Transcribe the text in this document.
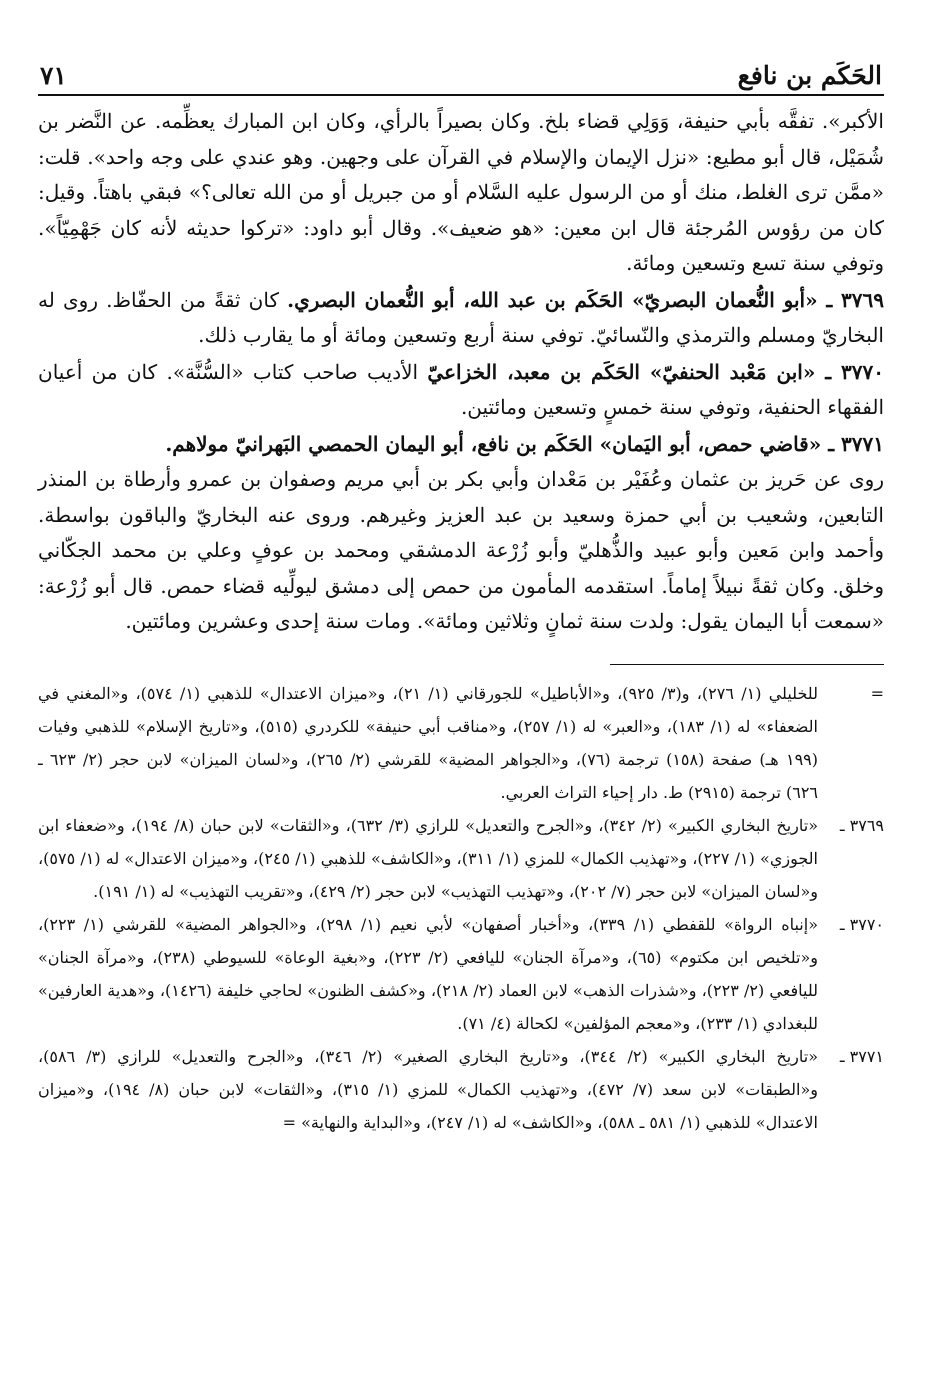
الحَكَم بن نافع
٧١

الأكبر». تفقَّه بأبي حنيفة، وَوَلِي قضاء بلخ. وكان بصيراً بالرأي، وكان ابن المبارك يعظِّمه. عن النَّضر بن شُمَيْل، قال أبو مطيع: «نزل الإيمان والإسلام في القرآن على وجهين. وهو عندي على وجه واحد». قلت: «ممَّن ترى الغلط، منك أو من الرسول عليه السَّلام أو من جبريل أو من الله تعالى؟» فبقي باهتاً. وقيل: كان من رؤوس المُرجئة قال ابن معين: «هو ضعيف». وقال أبو داود: «تركوا حديثه لأنه كان جَهْمِيّاً». وتوفي سنة تسع وتسعين ومائة.

٣٧٦٩ ـ «أبو النُّعمان البصريّ» الحَكَم بن عبد الله، أبو النُّعمان البصري. كان ثقةً من الحفّاظ. روى له البخاريّ ومسلم والترمذي والنّسائيّ. توفي سنة أربع وتسعين ومائة أو ما يقارب ذلك.

٣٧٧٠ ـ «ابن مَعْبد الحنفيّ» الحَكَم بن معبد، الخزاعيّ الأديب صاحب كتاب «السُّنَّة». كان من أعيان الفقهاء الحنفية، وتوفي سنة خمسٍ وتسعين ومائتين.

٣٧٧١ ـ «قاضي حمص، أبو اليَمان» الحَكَم بن نافع، أبو اليمان الحمصي البَهرانيّ مولاهم.

روى عن حَريز بن عثمان وعُفَيْر بن مَعْدان وأبي بكر بن أبي مريم وصفوان بن عمرو وأرطاة بن المنذر التابعين، وشعيب بن أبي حمزة وسعيد بن عبد العزيز وغيرهم. وروى عنه البخاريّ والباقون بواسطة. وأحمد وابن مَعين وأبو عبيد والذُّهليّ وأبو زُرْعة الدمشقي ومحمد بن عوفٍ وعلي بن محمد الجكّاني وخلق. وكان ثقةً نبيلاً إماماً. استقدمه المأمون من حمص إلى دمشق ليولِّيه قضاء حمص. قال أبو زُرْعة: «سمعت أبا اليمان يقول: ولدت سنة ثمانٍ وثلاثين ومائة». ومات سنة إحدى وعشرين ومائتين.

=
للخليلي (١/ ٢٧٦)، و(٣/ ٩٢٥)، و«الأباطيل» للجورقاني (١/ ٢١)، و«ميزان الاعتدال» للذهبي (١/ ٥٧٤)، و«المغني في الضعفاء» له (١/ ١٨٣)، و«العبر» له (١/ ٢٥٧)، و«مناقب أبي حنيفة» للكردري (٥١٥)، و«تاريخ الإسلام» للذهبي وفيات (١٩٩ هـ) صفحة (١٥٨) ترجمة (٧٦)، و«الجواهر المضية» للقرشي (٢/ ٢٦٥)، و«لسان الميزان» لابن حجر (٢/ ٦٢٣ ـ ٦٢٦) ترجمة (٢٩١٥) ط. دار إحياء التراث العربي.
٣٧٦٩ ـ
«تاريخ البخاري الكبير» (٢/ ٣٤٢)، و«الجرح والتعديل» للرازي (٣/ ٦٣٢)، و«الثقات» لابن حبان (٨/ ١٩٤)، و«ضعفاء ابن الجوزي» (١/ ٢٢٧)، و«تهذيب الكمال» للمزي (١/ ٣١١)، و«الكاشف» للذهبي (١/ ٢٤٥)، و«ميزان الاعتدال» له (١/ ٥٧٥)، و«لسان الميزان» لابن حجر (٧/ ٢٠٢)، و«تهذيب التهذيب» لابن حجر (٢/ ٤٢٩)، و«تقريب التهذيب» له (١/ ١٩١).
٣٧٧٠ ـ
«إنباه الرواة» للقفطي (١/ ٣٣٩)، و«أخبار أصفهان» لأبي نعيم (١/ ٢٩٨)، و«الجواهر المضية» للقرشي (١/ ٢٢٣)، و«تلخيص ابن مكتوم» (٦٥)، و«مرآة الجنان» لليافعي (٢/ ٢٢٣)، و«بغية الوعاة» للسيوطي (٢٣٨)، و«مرآة الجنان» لليافعي (٢/ ٢٢٣)، و«شذرات الذهب» لابن العماد (٢/ ٢١٨)، و«كشف الظنون» لحاجي خليفة (١٤٢٦)، و«هدية العارفين» للبغدادي (١/ ٢٣٣)، و«معجم المؤلفين» لكحالة (٤/ ٧١).
٣٧٧١ ـ
«تاريخ البخاري الكبير» (٢/ ٣٤٤)، و«تاريخ البخاري الصغير» (٢/ ٣٤٦)، و«الجرح والتعديل» للرازي (٣/ ٥٨٦)، و«الطبقات» لابن سعد (٧/ ٤٧٢)، و«تهذيب الكمال» للمزي (١/ ٣١٥)، و«الثقات» لابن حبان (٨/ ١٩٤)، و«ميزان الاعتدال» للذهبي (١/ ٥٨١ ـ ٥٨٨)، و«الكاشف» له (١/ ٢٤٧)، و«البداية والنهاية» =
